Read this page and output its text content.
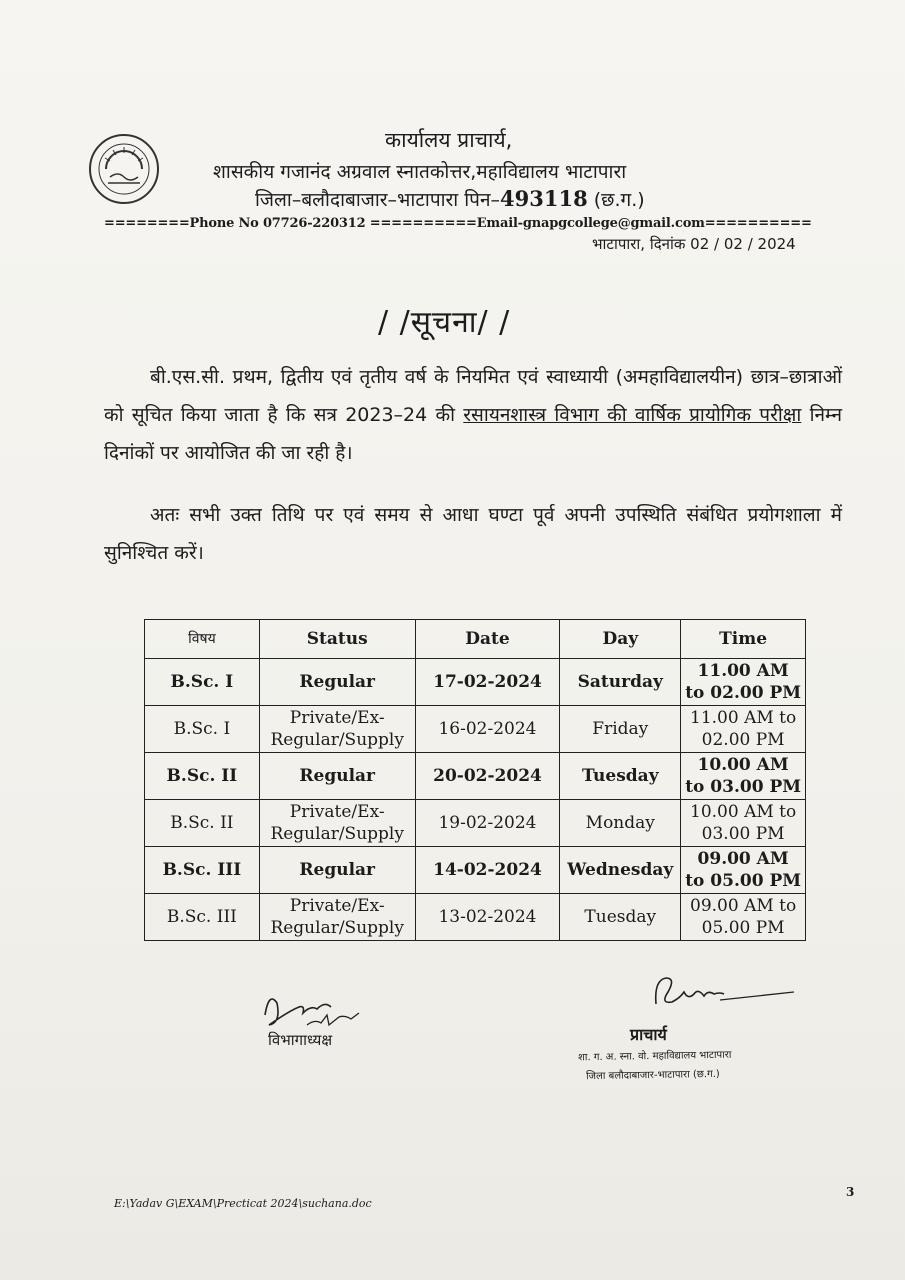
कार्यालय प्राचार्य,
शासकीय गजानंद अग्रवाल स्नातकोत्तर,महाविद्यालय भाटापारा
जिला–बलौदाबाजार–भाटापारा पिन–493118 (छ.ग.)
========Phone No 07726-220312 ==========Email-gnapgcollege@gmail.com==========
भाटापारा, दिनांक 02 / 02 / 2024
/ /सूचना/ /
बी.एस.सी. प्रथम, द्वितीय एवं तृतीय वर्ष के नियमित एवं स्वाध्यायी (अमहाविद्यालयीन) छात्र–छात्राओं को सूचित किया जाता है कि सत्र 2023–24 की रसायनशास्त्र विभाग की वार्षिक प्रायोगिक परीक्षा निम्न दिनांकों पर आयोजित की जा रही है।
अतः सभी उक्त तिथि पर एवं समय से आधा घण्टा पूर्व अपनी उपस्थिति संबंधित प्रयोगशाला में सुनिश्चित करें।
विषय	Status	Date	Day	Time
B.Sc. I	Regular	17-02-2024	Saturday	11.00 AM
to 02.00 PM
B.Sc. I	Private/Ex-
Regular/Supply	16-02-2024	Friday	11.00 AM to
02.00 PM
B.Sc. II	Regular	20-02-2024	Tuesday	10.00 AM
to 03.00 PM
B.Sc. II	Private/Ex-
Regular/Supply	19-02-2024	Monday	10.00 AM to
03.00 PM
B.Sc. III	Regular	14-02-2024	Wednesday	09.00 AM
to 05.00 PM
B.Sc. III	Private/Ex-
Regular/Supply	13-02-2024	Tuesday	09.00 AM to
05.00 PM
विभागाध्यक्ष	प्राचार्य
शा. ग. अ. स्ना. वो. महाविद्यालय भाटापारा
जिला बलौदाबाजार-भाटापारा (छ.ग.)
E:\Yadav G\EXAM\Precticat 2024\suchana.doc
3
